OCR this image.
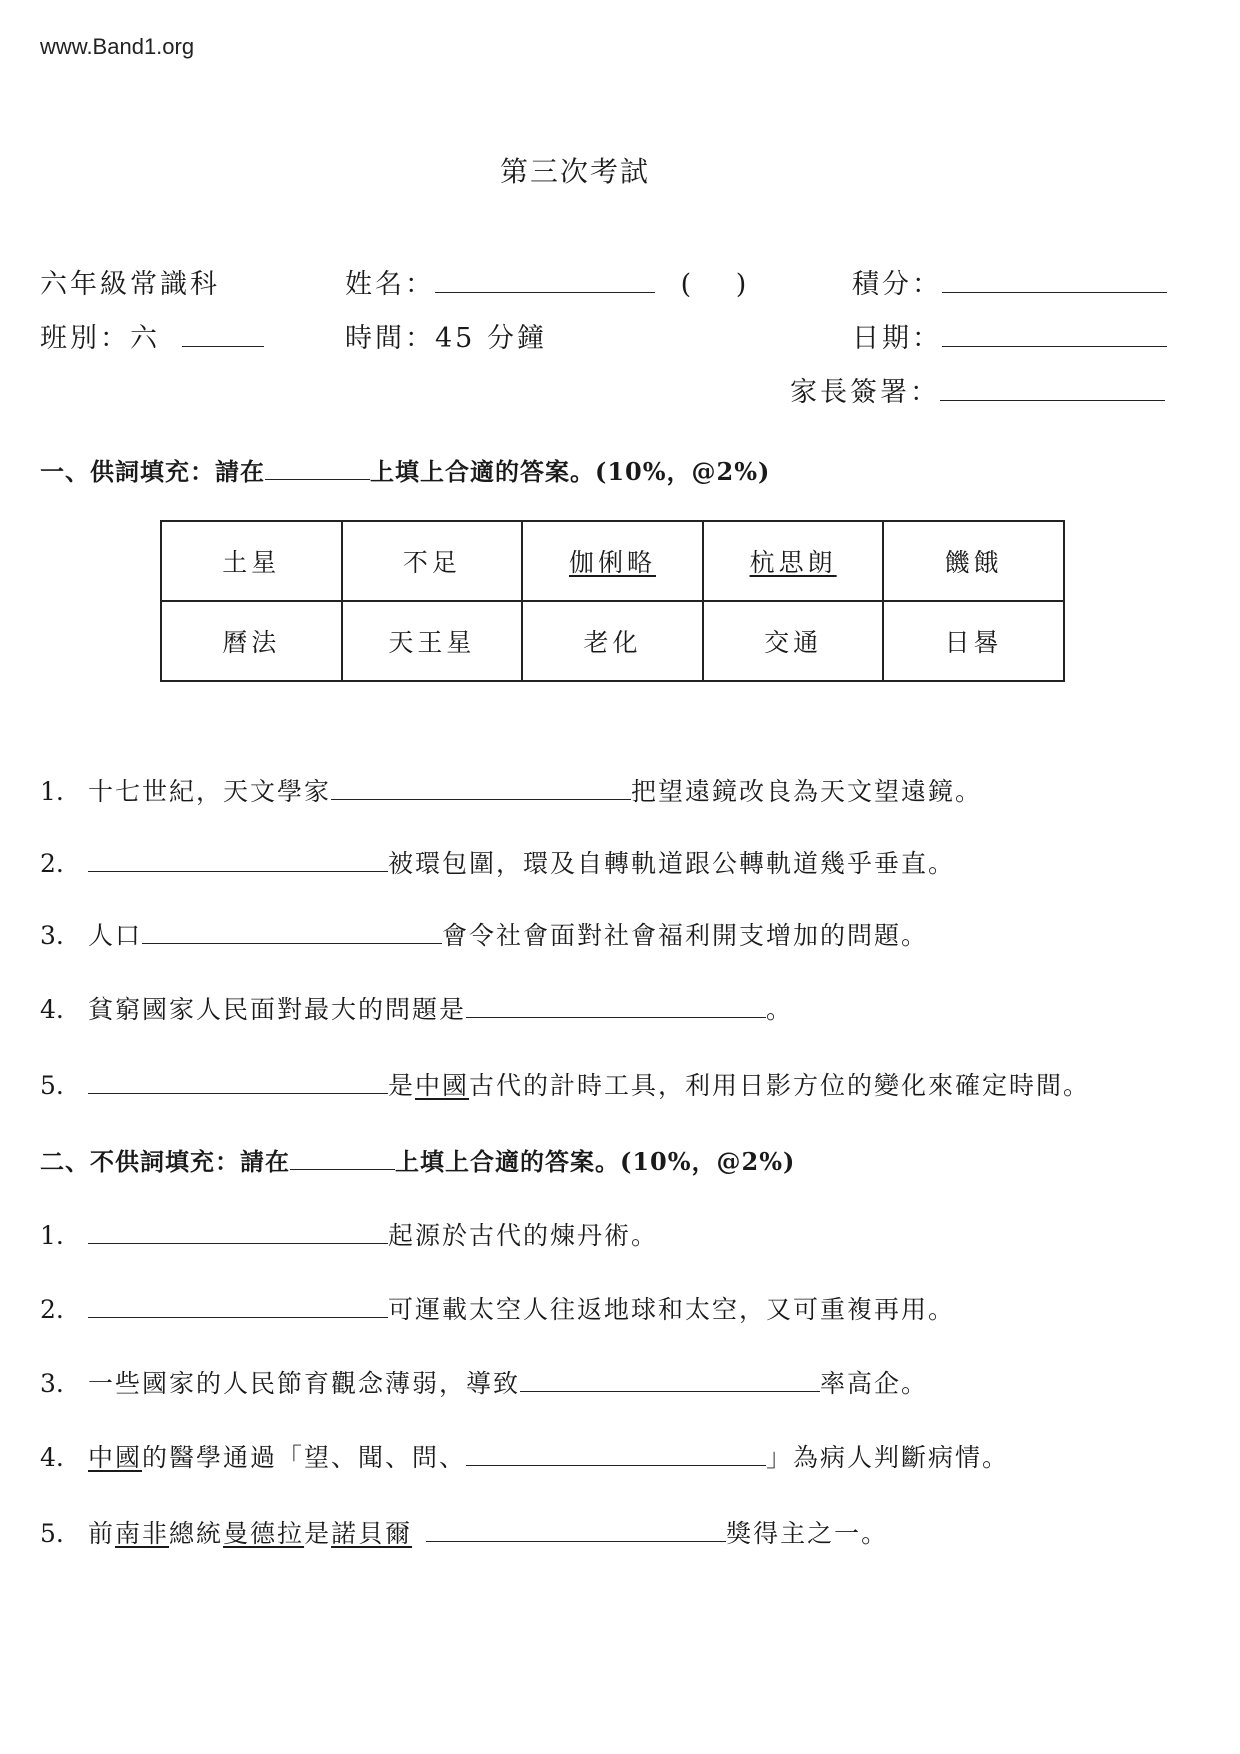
www.Band1.org
第三次考試
六年級常識科	姓名：	(　 )	積分：
班別：六	時間：45 分鐘	日期：
家長簽署：
一、供詞填充：請在	上填上合適的答案。(10%，@2%)
土星	不足	伽俐略	杭思朗	饑餓
曆法	天王星	老化	交通	日晷
1. 十七世紀，天文學家	把望遠鏡改良為天文望遠鏡。
2.	被環包圍，環及自轉軌道跟公轉軌道幾乎垂直。
3. 人口	會令社會面對社會福利開支增加的問題。
4. 貧窮國家人民面對最大的問題是	。
5.	是中國古代的計時工具，利用日影方位的變化來確定時間。
二、不供詞填充：請在	上填上合適的答案。(10%，@2%)
1.	起源於古代的煉丹術。
2.	可運載太空人往返地球和太空，又可重複再用。
3. 一些國家的人民節育觀念薄弱，導致	率高企。
4. 中國的醫學通過「望、聞、問、	」為病人判斷病情。
5. 前南非總統曼德拉是諾貝爾	獎得主之一。
